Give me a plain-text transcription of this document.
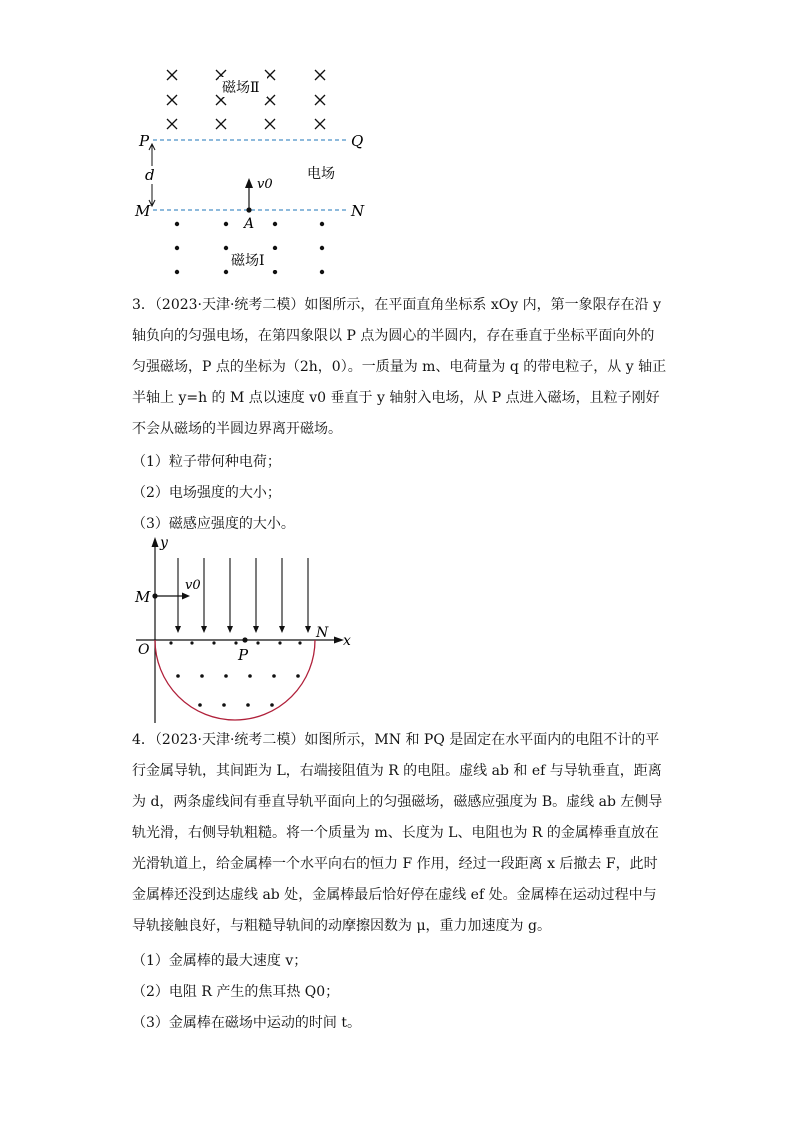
磁场Ⅱ
P	Q
M	N
d
v0
A
电场
磁场Ⅰ

3．（2023·天津·统考二模）如图所示，在平面直角坐标系 xOy 内，第一象限存在沿 y 轴负向的匀强电场，在第四象限以 P 点为圆心的半圆内，存在垂直于坐标平面向外的匀强磁场，P 点的坐标为（2h，0）。一质量为 m、电荷量为 q 的带电粒子，从 y 轴正半轴上 y=h 的 M 点以速度 v0 垂直于 y 轴射入电场，从 P 点进入磁场，且粒子刚好不会从磁场的半圆边界离开磁场。

（1）粒子带何种电荷；
（2）电场强度的大小；
（3）磁感应强度的大小。
y
x
O
M
v0
P
N

4．（2023·天津·统考二模）如图所示，MN 和 PQ 是固定在水平面内的电阻不计的平行金属导轨，其间距为 L，右端接阻值为 R 的电阻。虚线 ab 和 ef 与导轨垂直，距离为 d，两条虚线间有垂直导轨平面向上的匀强磁场，磁感应强度为 B。虚线 ab 左侧导轨光滑，右侧导轨粗糙。将一个质量为 m、长度为 L、电阻也为 R 的金属棒垂直放在光滑轨道上，给金属棒一个水平向右的恒力 F 作用，经过一段距离 x 后撤去 F，此时金属棒还没到达虚线 ab 处，金属棒最后恰好停在虚线 ef 处。金属棒在运动过程中与导轨接触良好，与粗糙导轨间的动摩擦因数为 μ，重力加速度为 g。

（1）金属棒的最大速度 v；
（2）电阻 R 产生的焦耳热 Q0；
（3）金属棒在磁场中运动的时间 t。
